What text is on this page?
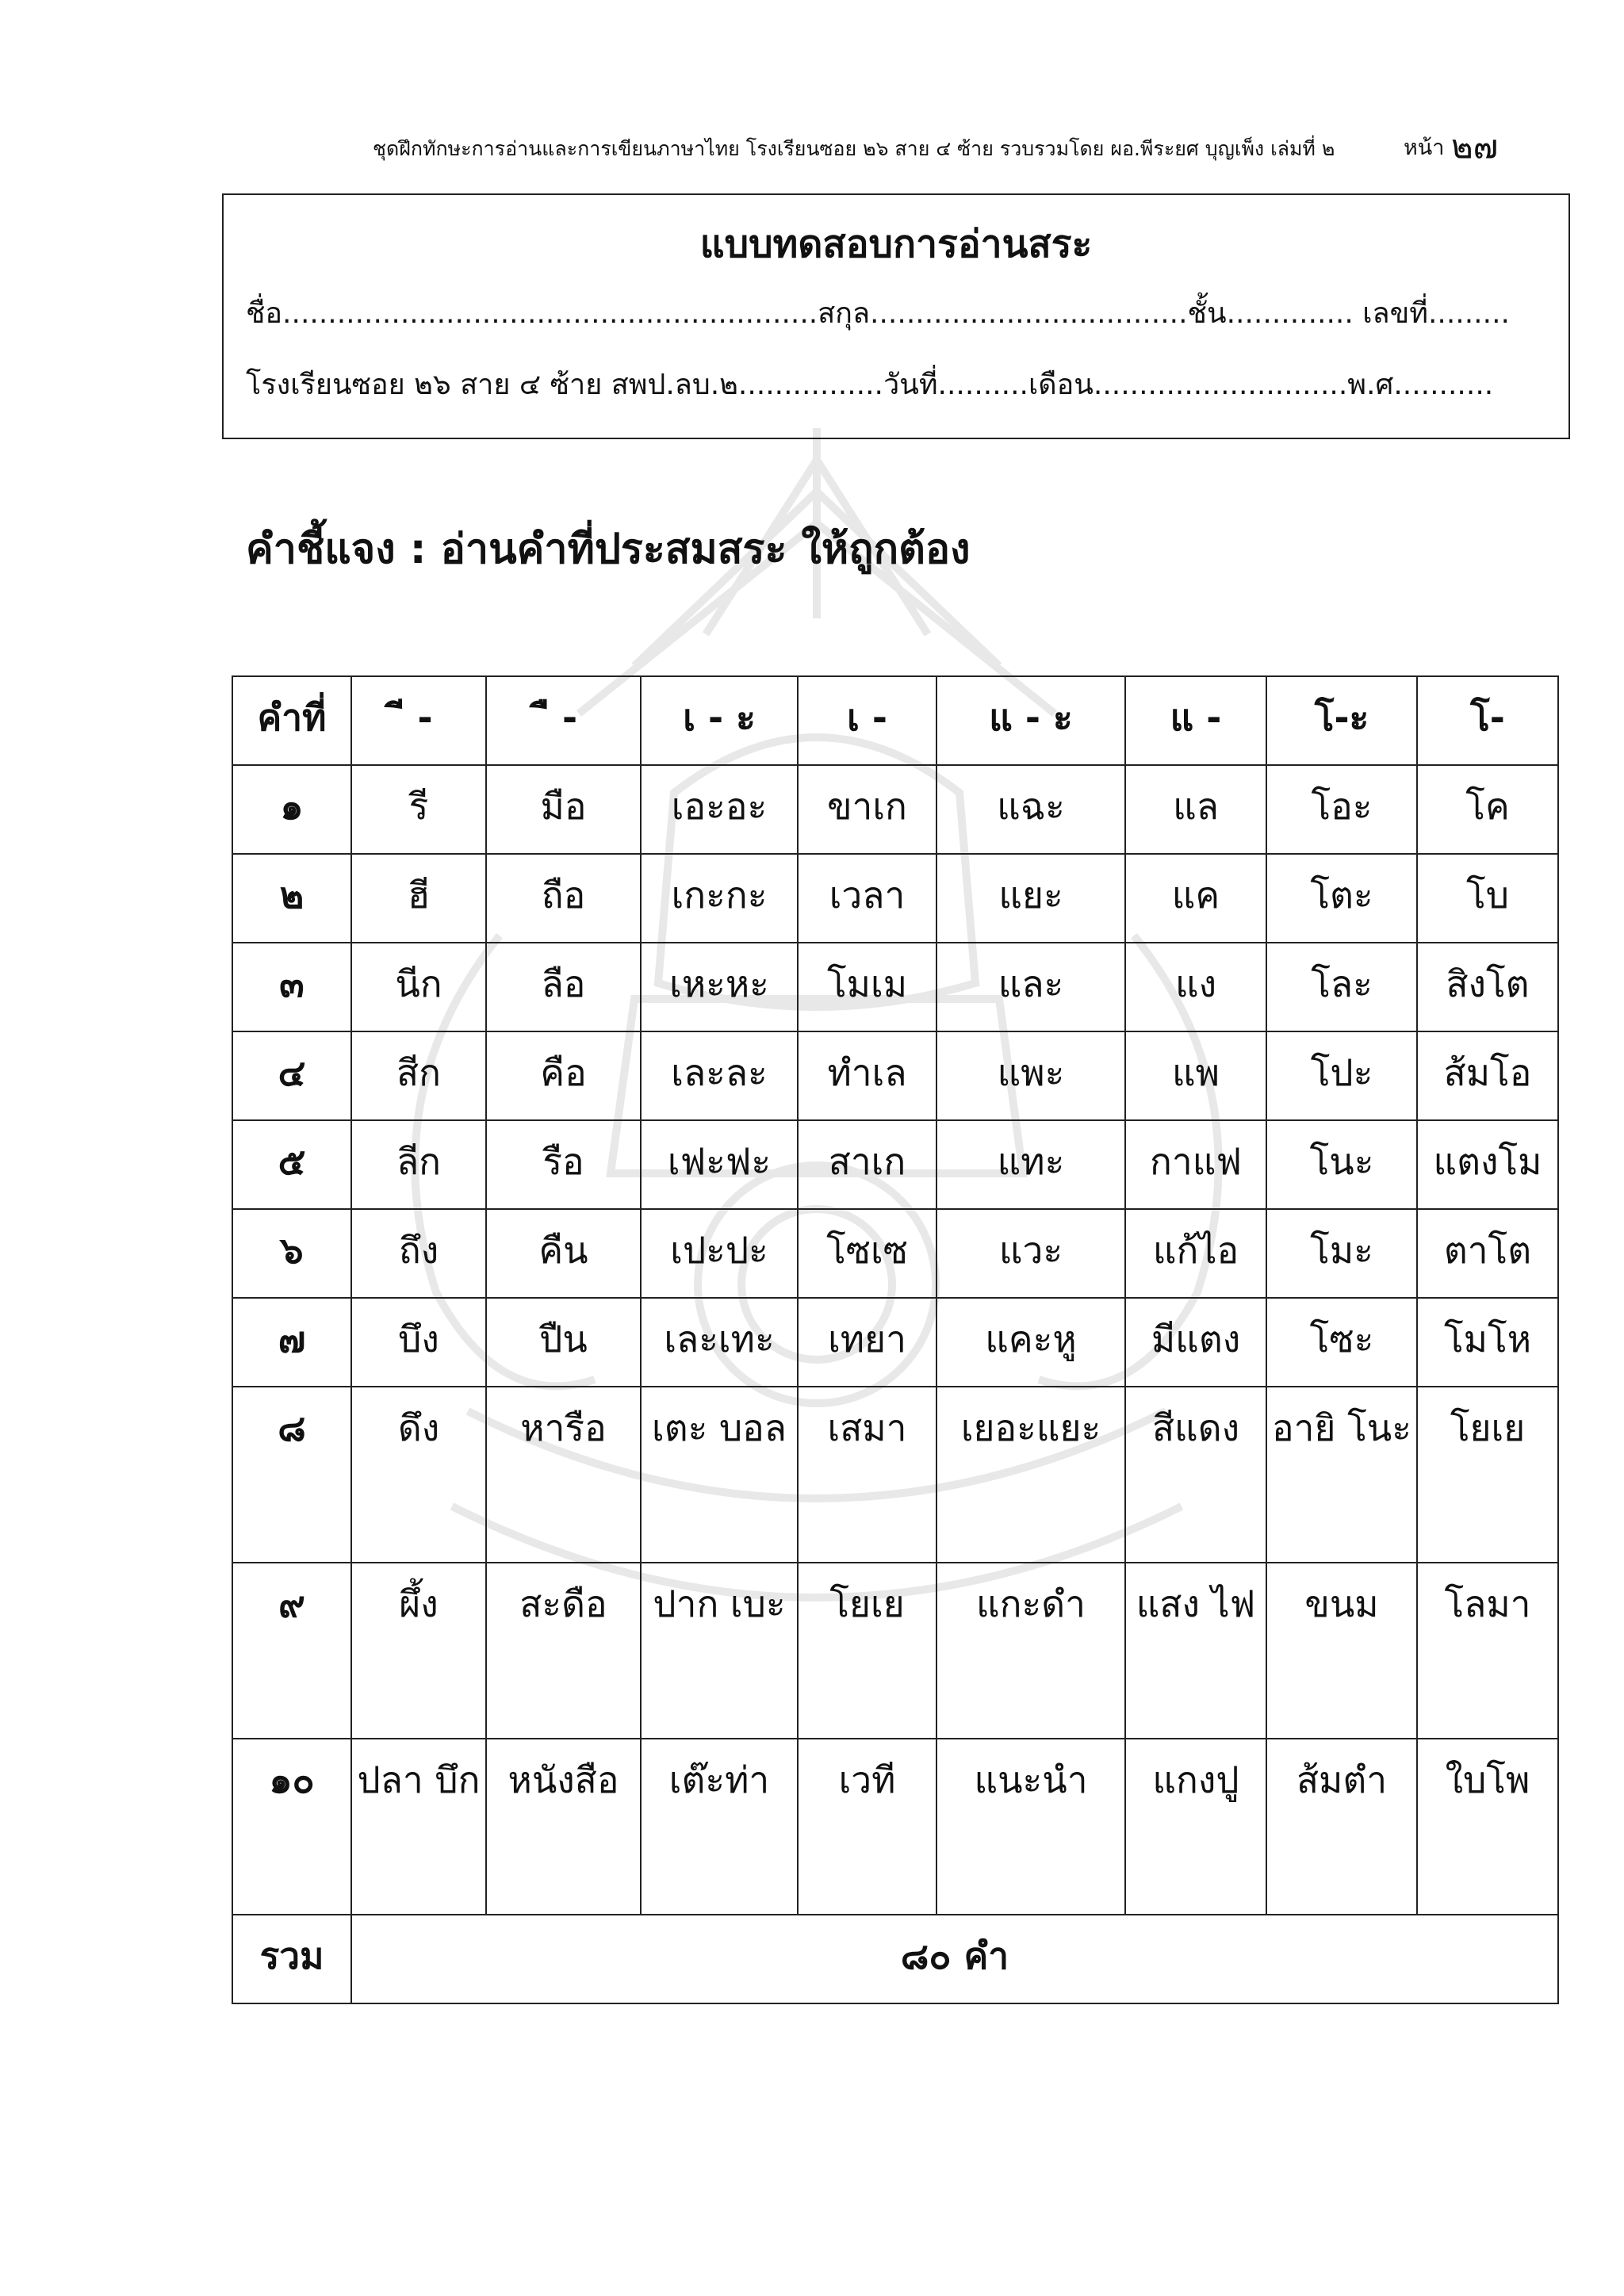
ชุดฝึกทักษะการอ่านและการเขียนภาษาไทย โรงเรียนซอย ๒๖ สาย ๔ ซ้าย รวบรวมโดย ผอ.พีระยศ บุญเพ็ง เล่มที่ ๒	หน้า ๒๗
แบบทดสอบการอ่านสระ
ชื่อ...........................................................สกุล...................................ชั้น.............. เลขที่.........
โรงเรียนซอย ๒๖ สาย ๔ ซ้าย สพป.ลบ.๒................วันที่..........เดือน............................พ.ศ...........
คำชี้แจง : อ่านคำที่ประสมสระ ให้ถูกต้อง
คำที่	ี -	ื -	เ - ะ	เ -	แ - ะ	แ -	โ-ะ	โ-
๑	รี	มือ	เอะอะ	ขาเก	แฉะ	แล	โอะ	โค
๒	ฮี	ถือ	เกะกะ	เวลา	แยะ	แค	โตะ	โบ
๓	นีก	ลือ	เหะหะ	โมเม	และ	แง	โละ	สิงโต
๔	สีก	คือ	เละละ	ทำเล	แพะ	แพ	โปะ	ส้มโอ
๕	ลีก	รือ	เฟะฟะ	สาเก	แทะ	กาแฟ	โนะ	แตงโม
๖	ถึง	คืน	เปะปะ	โซเซ	แวะ	แก้ไอ	โมะ	ตาโต
๗	บึง	ปืน	เละเทะ	เทยา	แคะหู	มีแตง	โซะ	โมโห
๘	ดึง	หารือ	เตะ บอล	เสมา	เยอะแยะ	สีแดง	อายิ โนะ	โยเย
๙	ผึ้ง	สะดือ	ปาก เบะ	โยเย	แกะดำ	แสง ไฟ	ขนม	โลมา
๑๐	ปลา บึก	หนังสือ	เต๊ะท่า	เวที	แนะนำ	แกงปู	ส้มตำ	ใบโพ
รวม	๘๐ คำ							
